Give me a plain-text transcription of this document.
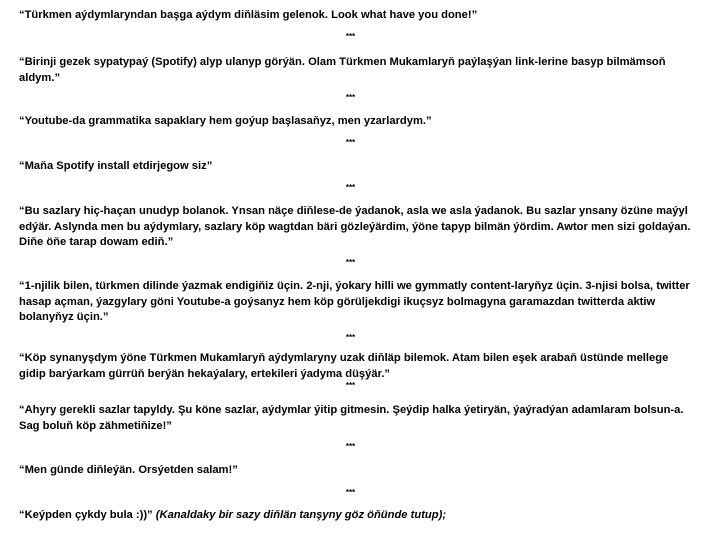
“Türkmen aýdymlaryndan başga aýdym diňläsim gelenok. Look what have you done!”
***
“Birinji gezek sypatypaý (Spotify) alyp ulanyp görýän. Olam Türkmen Mukamlaryň paýlaşýan link-lerine basyp bilmämsoň aldym.”
***
“Youtube-da grammatika sapaklary hem goýup başlasaňyz, men yzarlardym.”
***
“Maňa Spotify install etdirjegow siz”
***
“Bu sazlary hiç-haçan unudyp bolanok. Ynsan näçe diňlese-de ýadanok, asla we asla ýadanok. Bu sazlar ynsany özüne maýyl edýär. Aslynda men bu aýdymlary, sazlary köp wagtdan bäri gözleýärdim, ýöne tapyp bilmän ýördim. Awtor men sizi goldaýan. Diňe öňe tarap dowam ediň.”
***
“1-njilik bilen, türkmen dilinde ýazmak endigiňiz üçin. 2-nji, ýokary hilli we gymmatly content-laryňyz üçin. 3-njisi bolsa, twitter hasap açman, ýazgylary göni Youtube-a goýsanyz hem köp görüljekdigi ikuçsyz bolmagyna garamazdan twitterda aktiw bolanyňyz üçin.”
***
“Köp synanyşdym ýöne Türkmen Mukamlaryň aýdymlaryny uzak diňläp bilemok. Atam bilen eşek arabaň üstünde mellege gidip barýarkam gürrüň berýän hekaýalary, ertekileri ýadyma düşýär.”
***
“Ahyry gerekli sazlar tapyldy. Şu köne sazlar, aýdymlar ýitip gitmesin. Şeýdip halka ýetiryän, ýaýradýan adamlaram bolsun-a. Sag boluň köp zähmetiňize!”
***
“Men günde diňleýän. Orsýetden salam!”
***
“Keýpden çykdy bula :))” (Kanaldaky bir sazy diňlän tanşyny göz öňünde tutup);
